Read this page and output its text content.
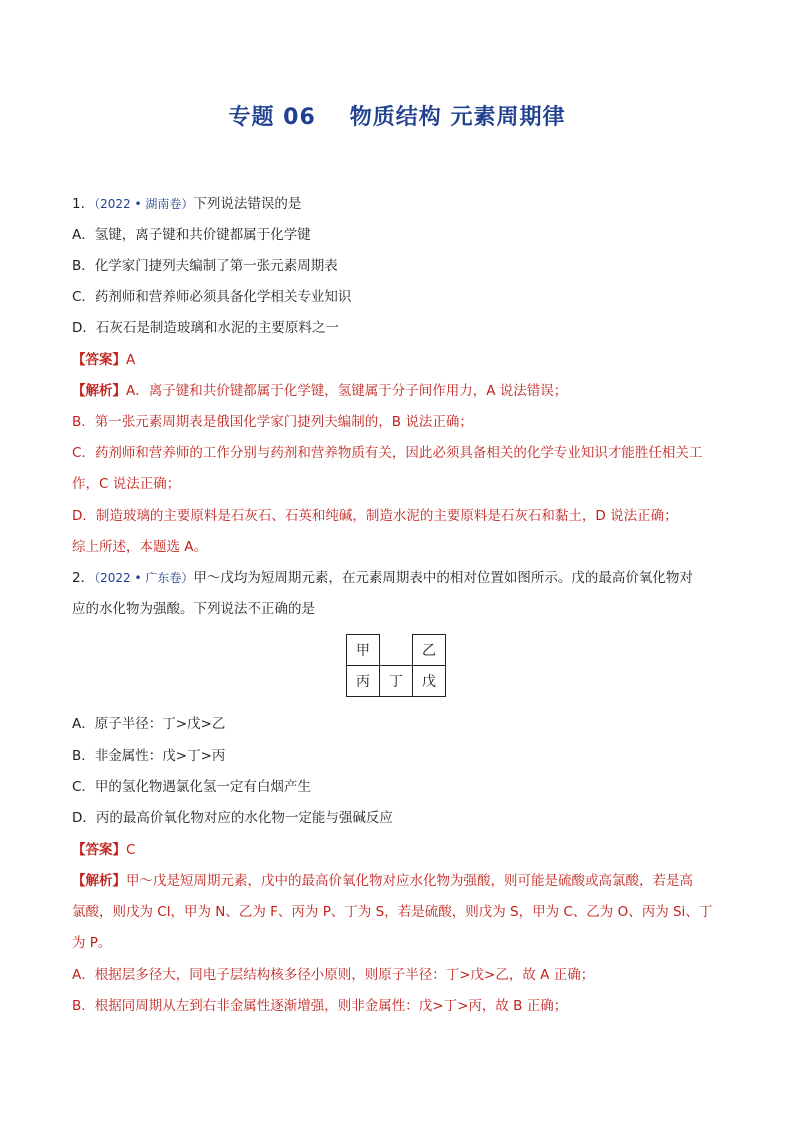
专题 06 物质结构 元素周期律
1．（2022 • 湖南卷）下列说法错误的是
A．氢键，离子键和共价键都属于化学键
B．化学家门捷列夫编制了第一张元素周期表
C．药剂师和营养师必须具备化学相关专业知识
D．石灰石是制造玻璃和水泥的主要原料之一
【答案】A
【解析】A．离子键和共价键都属于化学键，氢键属于分子间作用力，A 说法错误；
B．第一张元素周期表是俄国化学家门捷列夫编制的，B 说法正确；
C．药剂师和营养师的工作分别与药剂和营养物质有关，因此必须具备相关的化学专业知识才能胜任相关工
作，C 说法正确；
D．制造玻璃的主要原料是石灰石、石英和纯碱，制造水泥的主要原料是石灰石和黏土，D 说法正确；
综上所述，本题选 A。
2．（2022 • 广东卷）甲～戊均为短周期元素，在元素周期表中的相对位置如图所示。戊的最高价氧化物对
应的水化物为强酸。下列说法不正确的是
甲		乙
丙	丁	戊
A．原子半径：丁>戊>乙
B．非金属性：戊>丁>丙
C．甲的氢化物遇氯化氢一定有白烟产生
D．丙的最高价氧化物对应的水化物一定能与强碱反应
【答案】C
【解析】甲～戊是短周期元素，戊中的最高价氧化物对应水化物为强酸，则可能是硫酸或高氯酸，若是高
氯酸，则戊为 Cl，甲为 N、乙为 F、丙为 P、丁为 S，若是硫酸，则戊为 S，甲为 C、乙为 O、丙为 Si、丁
为 P。
A．根据层多径大，同电子层结构核多径小原则，则原子半径：丁>戊>乙，故 A 正确；
B．根据同周期从左到右非金属性逐渐增强，则非金属性：戊>丁>丙，故 B 正确；
